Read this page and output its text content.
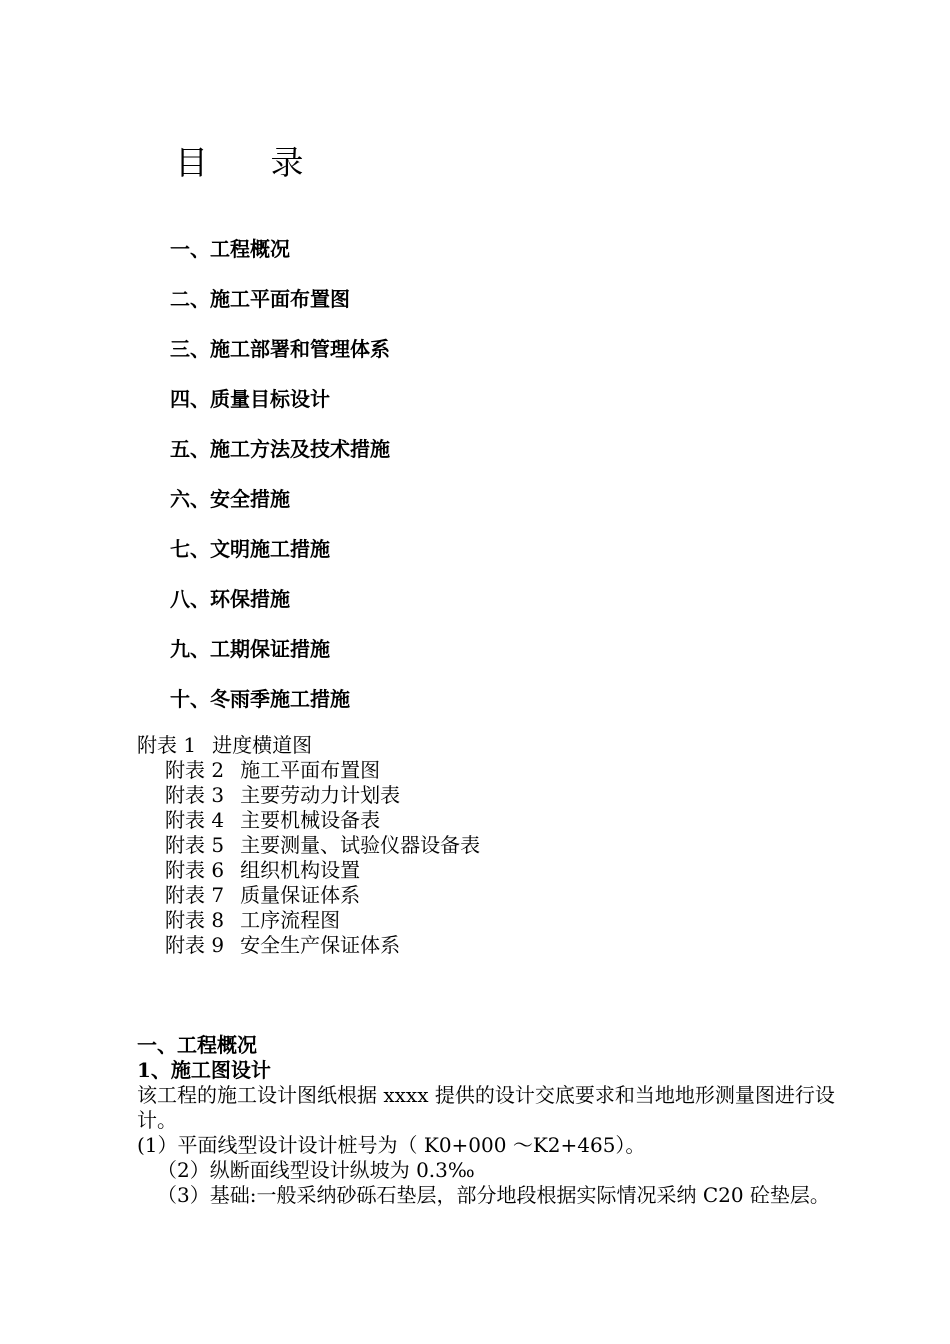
目 录
一、工程概况
二、施工平面布置图
三、施工部署和管理体系
四、质量目标设计
五、施工方法及技术措施
六、安全措施
七、文明施工措施
八、环保措施
九、工期保证措施
十、冬雨季施工措施
附表 1 进度横道图
附表 2 施工平面布置图
附表 3 主要劳动力计划表
附表 4 主要机械设备表
附表 5 主要测量、试验仪器设备表
附表 6 组织机构设置
附表 7 质量保证体系
附表 8 工序流程图
附表 9 安全生产保证体系
一、工程概况
1、施工图设计
该工程的施工设计图纸根据 xxxx 提供的设计交底要求和当地地形测量图进行设计。
(1）平面线型设计设计桩号为（ K0+000 ～K2+465）。
（2）纵断面线型设计纵坡为 0.3‰
（3）基础:一般采纳砂砾石垫层，部分地段根据实际情况采纳 C20 砼垫层。
